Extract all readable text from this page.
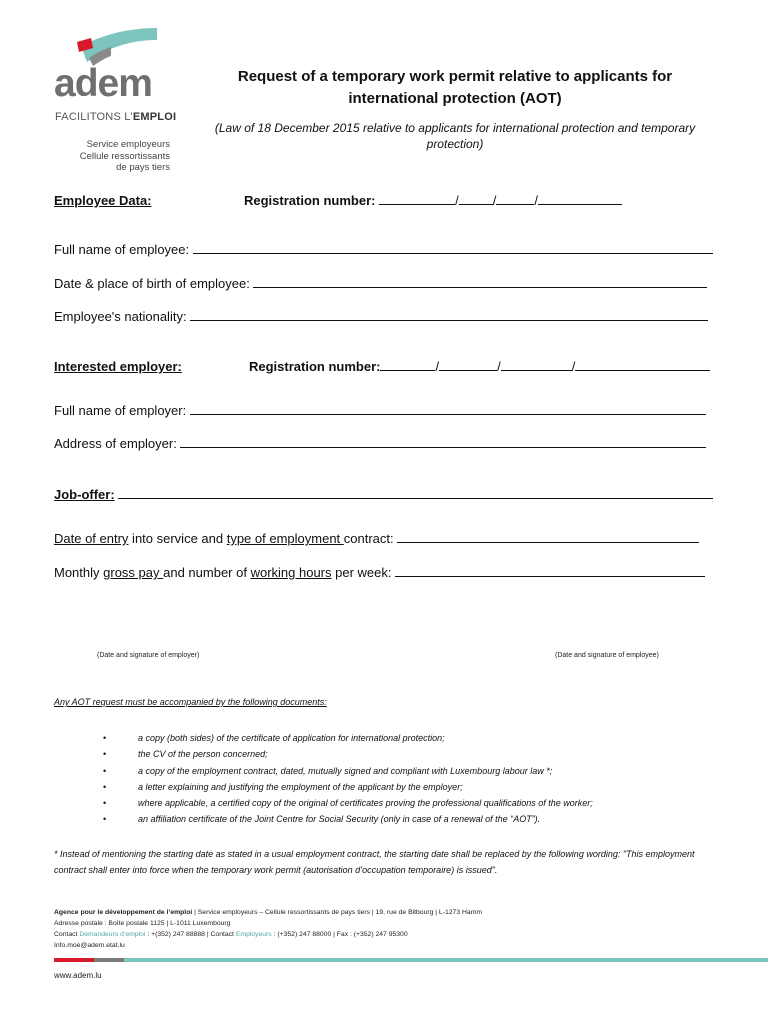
adem
FACILITONS L'EMPLOI
Service employeurs
Cellule ressortissants
de pays tiers
Request of a temporary work permit relative to applicants for international protection (AOT)
(Law of 18 December 2015 relative to applicants for international protection and temporary protection)
Employee Data:	Registration number:	/	/	/
Full name of employee:
Date & place of birth of employee:
Employee's nationality:
Interested employer:	Registration number:	/	/	/
Full name of employer:
Address of employer:
Job-offer:
Date of entry into service and type of employment contract:
Monthly gross pay and number of working hours per week:
(Date and signature of employer)	(Date and signature of employee)
Any AOT request must be accompanied by the following documents:
•	a copy (both sides) of the certificate of application for international protection;
•	the CV of the person concerned;
•	a copy of the employment contract, dated, mutually signed and compliant with Luxembourg labour law *;
•	a letter explaining and justifying the employment of the applicant by the employer;
•	where applicable, a certified copy of the original of certificates proving the professional qualifications of the worker;
•	an affiliation certificate of the Joint Centre for Social Security (only in case of a renewal of the “AOT”).
* Instead of mentioning the starting date as stated in a usual employment contract, the starting date shall be replaced by the following wording: "This employment contract shall enter into force when the temporary work permit (autorisation d’occupation temporaire) is issued".
Agence pour le développement de l’emploi | Service employeurs – Cellule ressortissants de pays tiers | 19, rue de Bitbourg | L-1273 Hamm
Adresse postale : Boîte postale 1125 | L-1011 Luxembourg
Contact Demandeurs d’emploi : +(352) 247 88888 | Contact Employeurs : (+352) 247 88000 | Fax : (+352) 247 95300
Info.moe@adem.etat.lu
www.adem.lu
